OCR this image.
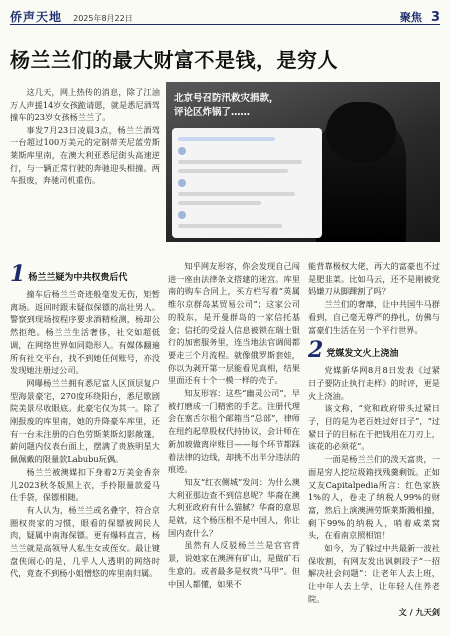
侨声天地 2025年8月22日	聚焦 3
杨兰兰们的最大财富不是钱，是穷人

这几天，网上热传的消息，除了江油万人声援14岁女孩跪请愿，就是悉尼酒驾撞车的23岁女孩杨兰兰了。

事发7月23日凌晨3点，杨兰兰酒驾一台超过100万美元的定制蒂芙尼蓝劳斯莱斯库里南，在澳大利亚悉尼街头高速逆行，与一辆正常行驶的奔驰迎头相撞。两车报废，奔驰司机重伤。

北京号召防汛救灾捐款，
评论区炸锅了……
1 杨兰兰疑为中共权贵后代

撞车后杨兰兰奇迹般毫发无伤，矩暂离场。返回时跟未疑似保镖的高壮男人。警察到现场按程序要求酒精检测，杨却公然拒绝。杨兰兰生活奢侈，社交如超低调，在网络世界如同隐形人。有媒体翻遍所有社交平台，找不到她任何账号，亦没发现她注册过公司。

网曝杨兰兰拥有悉尼富人区顶层复户型海景豪宅，270度环绕阳台，悉尼歌剧院美景尽收眼底。此豪宅仅为其一。除了刚报废的库里南，她的升降豪车库里，还有一台未注册的白色劳斯莱斯幻影敞篷，薪问题内仪表台面上，摆满了贵族明星大佩佩戴的限量款Labubu玩偶。

杨兰兰被澳媒扣下身着2万美金香奈儿2023秋冬版黑上衣，手拎限量款爱马仕手袋，保镖相随。

有人认为，杨兰兰或名叠字，符合京圈权贵家的习惯，眼看的保镖被网民人肉，疑属中南海保镖。更有爆料直言，杨兰兰就是高领导人私生女或侄女。最让键盘侠闹心的是，几乎人人透明的网络时代，竟查不到杨小姐憎悠的库里南归属。

知乎网友形容，你会发现自己闯进一座由法律条文搭建的迷宫。库里南的购车合同上，买方栏写着“英属维尔京群岛某贸易公司”；这家公司的股东，是开曼群岛的一家信托基金；信托的受益人信息被锁在瑞士银行的加密服务里，连当地法官调阅都要走三个月流程。就像俄罗斯套娃，你以为剥开第一层能看见真相，结果里面还有十个一模一样的壳子。

知友形容：这些“幽灵公司”，早被打磨成一门精密的手艺。注册代理会在塞舌尔租个邮箱当“总部”，律师在纽约起草股权代持协议，会计师在新加坡做离岸账目——每个环节都踩着法律的边线，却挑不出半分违法的痕迹。

知友“红衣侧城”发问：为什么澳大利亚那边查不到信息呢？华裔在澳大利亚政府有什么猫腻？华裔的意思是就，这个杨压根不是中国人，你让国内查什么？

虽然有人反驳杨兰兰是官官背景，说她家在澳洲有矿山，是做矿石生意的。或者最多是权贵“马甲”。但中国人都懂，如果不

能背靠极权大佬，再大的富豪也不过是肥韭菜。比如马云，还不是刚被党妈嫌刀从脚踝割了吗？

兰兰们的奢靡，让中共国牛马群看到，自己毫无尊严的挣扎，仿佛与富豪们生活在另一个平行世界。

2 党媒发文火上浇油

党媒新华网8月8日发表《过紧日子要防止执行走样》的时评，更是火上浇油。

该文称，“党和政府带头过紧日子，目的是为老百姓过好日子”，“过紧日子的目标在于把钱用在刀刃上，该花的必须花”。

一面是杨兰兰们的泼天富贵，一面是穷人挖垃圾箱找残羹剩饭。正如又友Capitalpedia所言：红色家族1%的人，卷走了纳税人99%的财富，然后上演澳洲劳斯莱斯溅相撞，剩下99%的纳税人，哨着咸菜窝头，在看南京照相馆！

如今，为了躲过中共最新一波社保收割，有网友发出讽刺段子“一招解决社会问题”：让老年人去上班，让中年人去上学，让年轻人住养老院。

文 / 九天剑
